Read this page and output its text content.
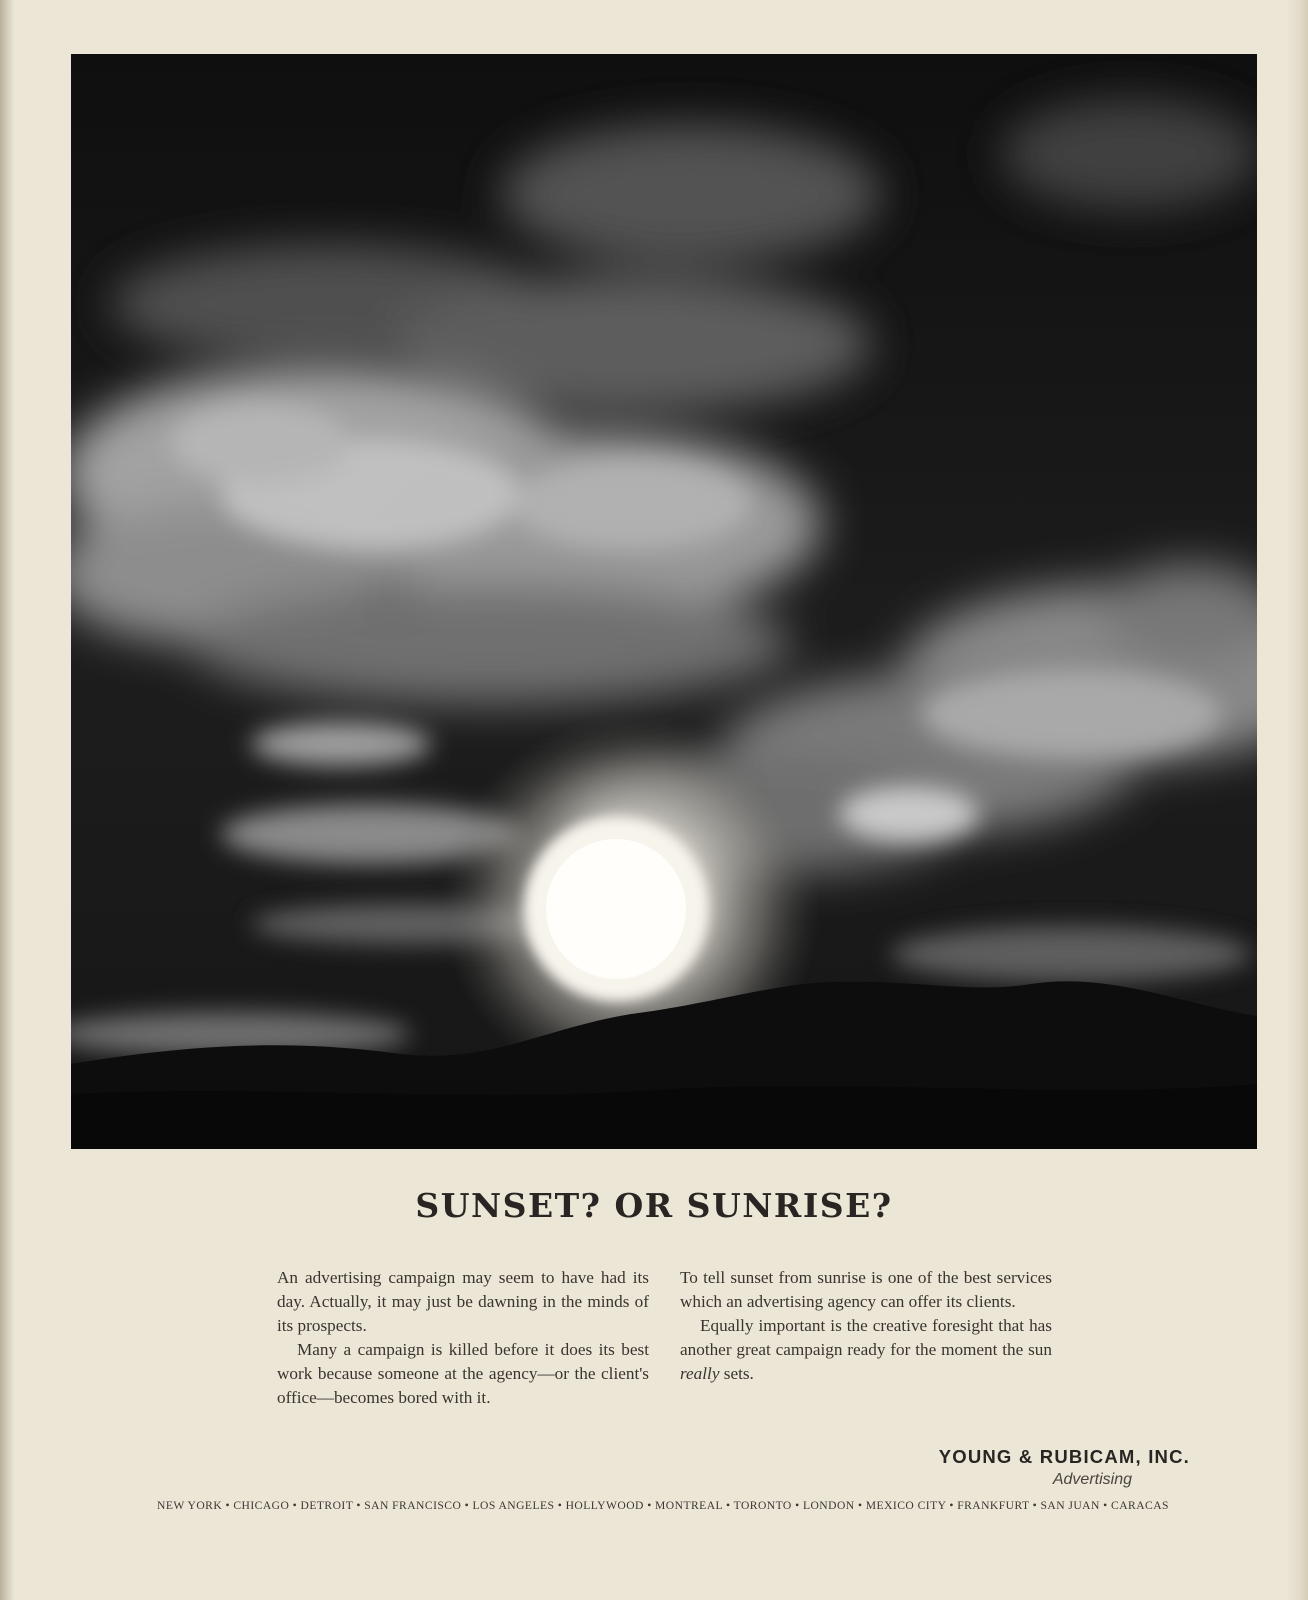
SUNSET? OR SUNRISE?

An advertising campaign may seem to have had its day. Actually, it may just be dawning in the minds of its prospects.

Many a campaign is killed before it does its best work because someone at the agency—or the client's office—becomes bored with it.

To tell sunset from sunrise is one of the best services which an advertising agency can offer its clients.

Equally important is the creative foresight that has another great campaign ready for the moment the sun really sets.

YOUNG & RUBICAM, INC.
Advertising
NEW YORK • CHICAGO • DETROIT • SAN FRANCISCO • LOS ANGELES • HOLLYWOOD • MONTREAL • TORONTO • LONDON • MEXICO CITY • FRANKFURT • SAN JUAN • CARACAS
